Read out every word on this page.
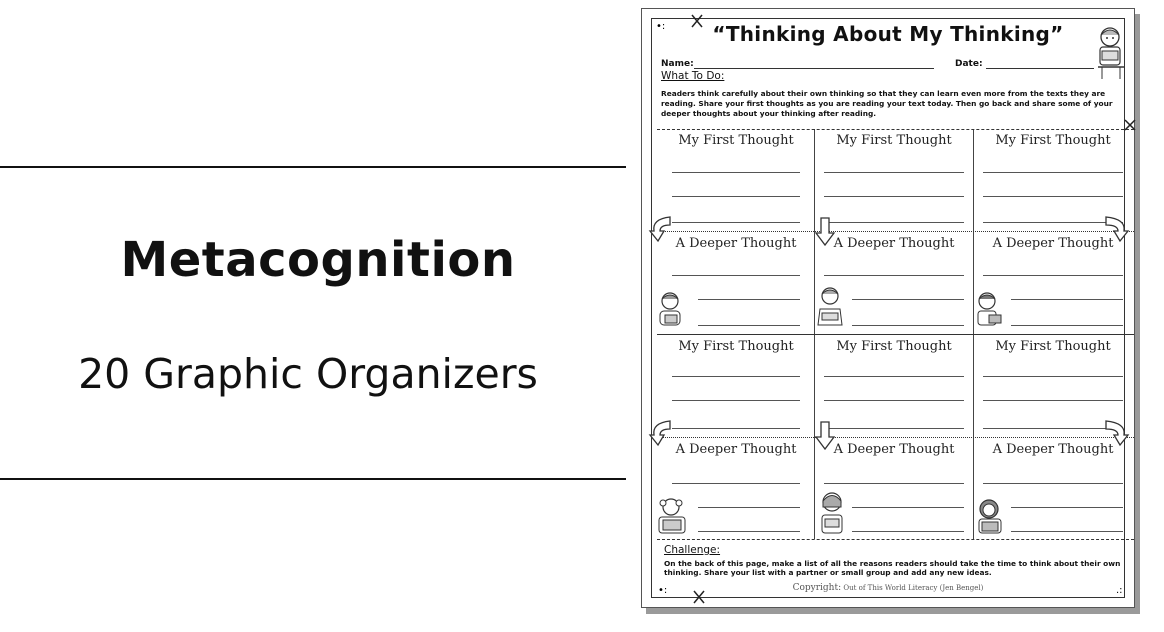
Metacognition
20 Graphic Organizers
•:
•:	.:
“Thinking About My Thinking”
Name:	Date:
What To Do:
Readers think carefully about their own thinking so that they can learn even more from the texts they are reading. Share your first thoughts as you are reading your text today. Then go back and share some of your deeper thoughts about your thinking after reading.
My First Thought	My First Thought	My First Thought
A Deeper Thought	A Deeper Thought	A Deeper Thought
My First Thought	My First Thought	My First Thought
A Deeper Thought	A Deeper Thought	A Deeper Thought
Challenge:
On the back of this page, make a list of all the reasons readers should take the time to think about their own thinking. Share your list with a partner or small group and add any new ideas.
Copyright: Out of This World Literacy (Jen Bengel)
